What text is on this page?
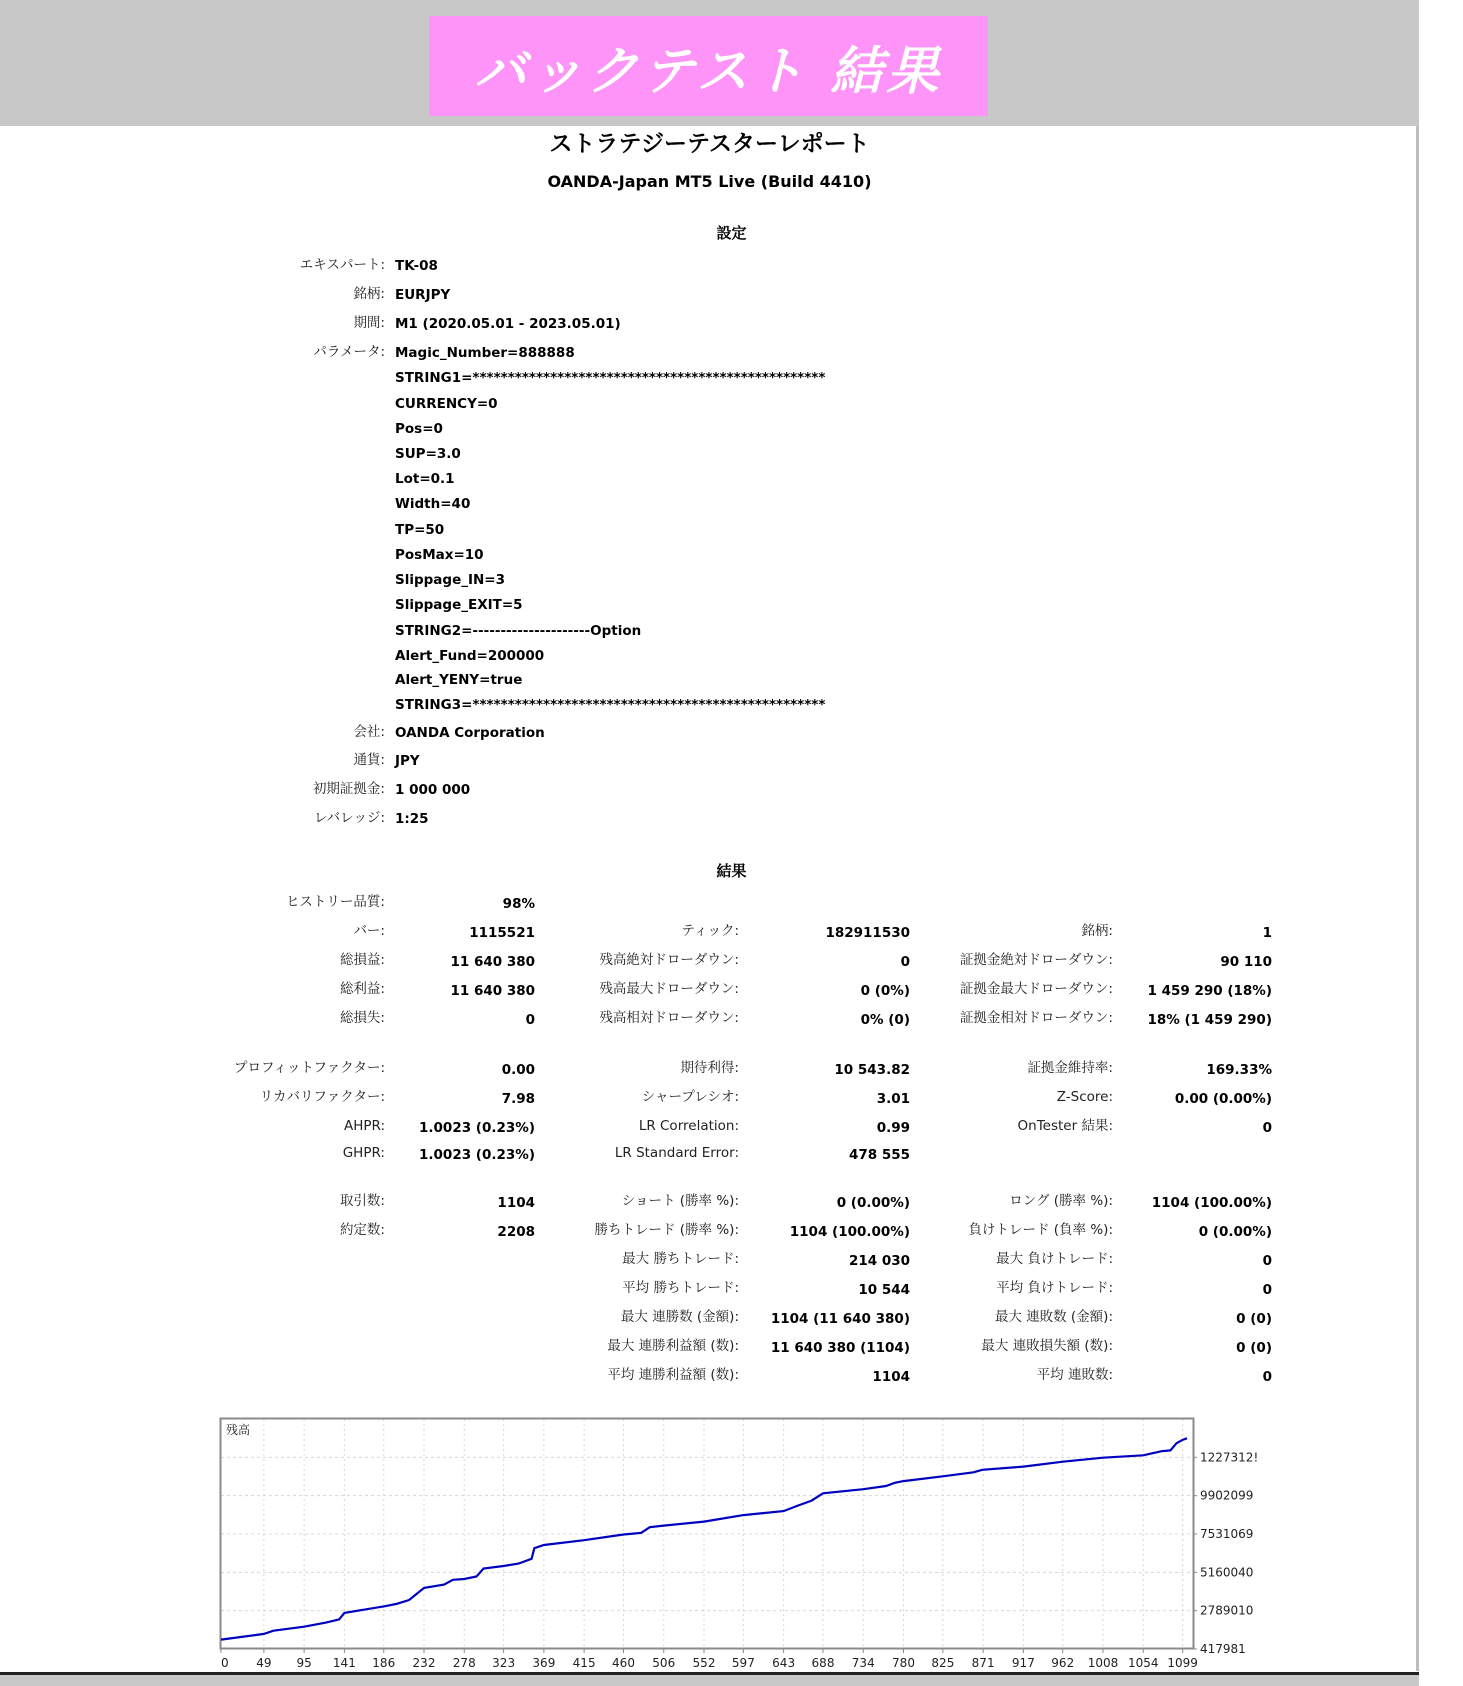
バックテスト 結果
ストラテジーテスターレポート
OANDA-Japan MT5 Live (Build 4410)
設定
エキスパート: TK-08
銘柄: EURJPY
期間: M1 (2020.05.01 - 2023.05.01)
パラメータ: Magic_Number=888888
STRING1=**************************************************
CURRENCY=0
Pos=0
SUP=3.0
Lot=0.1
Width=40
TP=50
PosMax=10
Slippage_IN=3
Slippage_EXIT=5
STRING2=---------------------Option
Alert_Fund=200000
Alert_YENY=true
STRING3=**************************************************
会社: OANDA Corporation
通貨: JPY
初期証拠金: 1 000 000
レバレッジ: 1:25
結果
ヒストリー品質:	98%
バー:	1115521	ティック:	182911530	銘柄:	1
総損益:	11 640 380	残高絶対ドローダウン:	0	証拠金絶対ドローダウン:	90 110
総利益:	11 640 380	残高最大ドローダウン:	0 (0%)	証拠金最大ドローダウン:	1 459 290 (18%)
総損失:	0	残高相対ドローダウン:	0% (0)	証拠金相対ドローダウン:	18% (1 459 290)
プロフィットファクター:	0.00	期待利得:	10 543.82	証拠金維持率:	169.33%
リカバリファクター:	7.98	シャープレシオ:	3.01	Z-Score:	0.00 (0.00%)
AHPR:	1.0023 (0.23%)	LR Correlation:	0.99	OnTester 結果:	0
GHPR:	1.0023 (0.23%)	LR Standard Error:	478 555
取引数:	1104	ショート (勝率 %):	0 (0.00%)	ロング (勝率 %):	1104 (100.00%)
約定数:	2208	勝ちトレード (勝率 %):	1104 (100.00%)	負けトレード (負率 %):	0 (0.00%)
最大 勝ちトレード:	214 030	最大 負けトレード:	0
平均 勝ちトレード:	10 544	平均 負けトレード:	0
最大 連勝数 (金額): 1104 (11 640 380)	最大 連敗数 (金額):	0 (0)
最大 連勝利益額 (数): 11 640 380 (1104)	最大 連敗損失額 (数):	0 (0)
平均 連勝利益額 (数):	1104	平均 連敗数:	0
残高
0 49 95 141 186 232 278 323 369 415 460 506 552 597 643 688 734 780 825 871 917 962 1008 1054 1099
417981
2789010
5160040
7531069
9902099
1227312!
